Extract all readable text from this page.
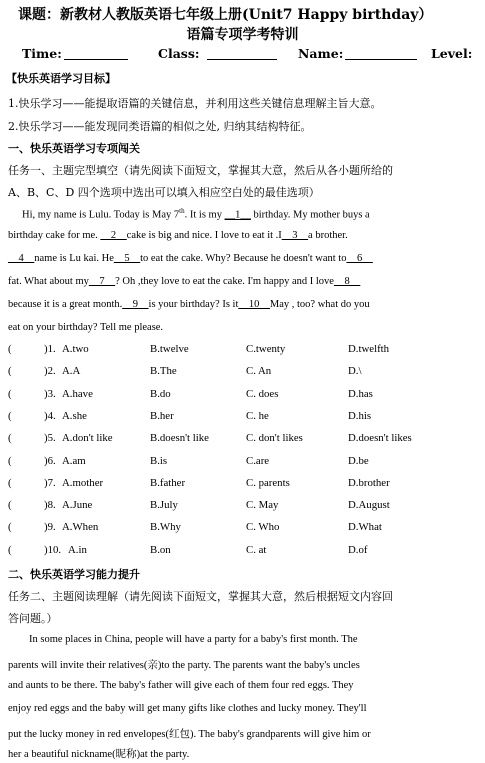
课题：新教材人教版英语七年级上册(Unit7 Happy birthday）
语篇专项学考特训
Time:	Class:	Name:	Level:
【快乐英语学习目标】
1.快乐学习——能提取语篇的关键信息，并利用这些关键信息理解主旨大意。
2.快乐学习——能发现同类语篇的相似之处, 归纳其结构特征。
一、快乐英语学习专项闯关
任务一、主题完型填空（请先阅读下面短文，掌握其大意，然后从各小题所给的
A、B、C、D 四个选项中选出可以填入相应空白处的最佳选项）
Hi, my name is Lulu. Today is May 7th. It is my __1__ birthday. My mother buys a
birthday cake for me. __2__cake is big and nice. I love to eat it .I__3__a brother.
__4__name is Lu kai. He__5__to eat the cake. Why? Because he doesn't want to__6__
fat. What about my__7__? Oh ,they love to eat the cake. I'm happy and I love__8__
because it is a great month.__9__is your birthday? Is it__10__May , too? what do you
eat on your birthday? Tell me please.
(	)1. A.two	B.twelve	C.twenty	D.twelfth
(	)2. A.A	B.The	C. An	D.\
(	)3. A.have	B.do	C. does	D.has
(	)4. A.she	B.her	C. he	D.his
(	)5. A.don't like	B.doesn't like	C. don't likes	D.doesn't likes
(	)6. A.am	B.is	C.are	D.be
(	)7. A.mother	B.father	C. parents	D.brother
(	)8. A.June	B.July	C. May	D.August
(	)9. A.When	B.Why	C. Who	D.What
(	)10. A.in	B.on	C. at	D.of
二、快乐英语学习能力提升
任务二、主题阅读理解（请先阅读下面短文，掌握其大意，然后根据短文内容回
答问题。）
In some places in China, people will have a party for a baby's first month. The
parents will invite their relatives(亲)to the party. The parents want the baby's uncles
and aunts to be there. The baby's father will give each of them four red eggs. They
enjoy red eggs and the baby will get many gifts like clothes and lucky money. They'll
put the lucky money in red envelopes(红包). The baby's grandparents will give him or
her a beautiful nickname(昵称)at the party.
